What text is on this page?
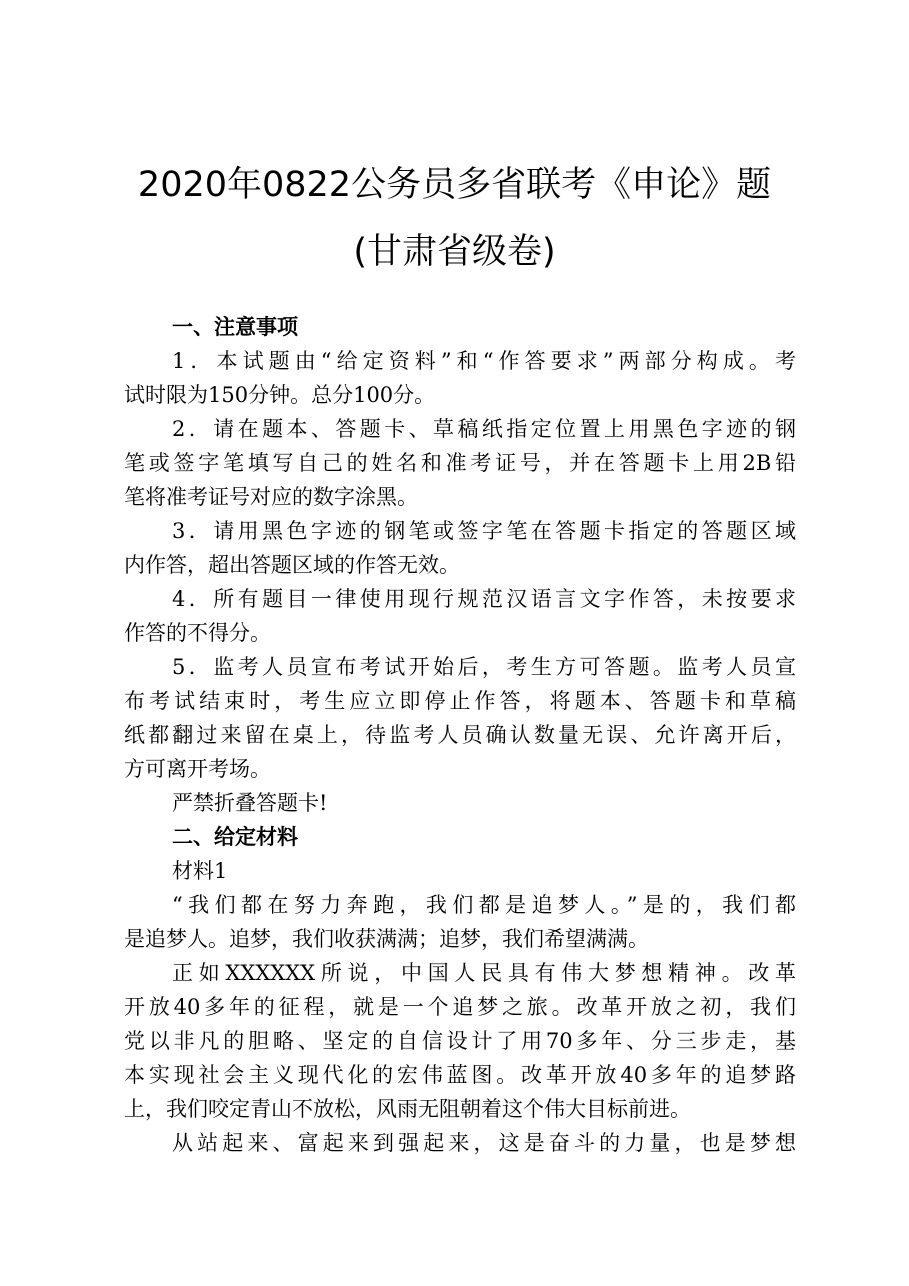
2020年0822公务员多省联考《申论》题
(甘肃省级卷)
一、注意事项
1．本试题由“给定资料”和“作答要求”两部分构成。考
试时限为150分钟。总分100分。
2．请在题本、答题卡、草稿纸指定位置上用黑色字迹的钢
笔或签字笔填写自己的姓名和准考证号，并在答题卡上用2B铅
笔将准考证号对应的数字涂黑。
3．请用黑色字迹的钢笔或签字笔在答题卡指定的答题区域
内作答，超出答题区域的作答无效。
4．所有题目一律使用现行规范汉语言文字作答，未按要求
作答的不得分。
5．监考人员宣布考试开始后，考生方可答题。监考人员宣
布考试结束时，考生应立即停止作答，将题本、答题卡和草稿
纸都翻过来留在桌上，待监考人员确认数量无误、允许离开后，
方可离开考场。
严禁折叠答题卡!
二、给定材料
材料1
“我们都在努力奔跑，我们都是追梦人。”是的，我们都
是追梦人。追梦，我们收获满满；追梦，我们希望满满。
正如XXXXXX所说，中国人民具有伟大梦想精神。改革
开放40多年的征程，就是一个追梦之旅。改革开放之初，我们
党以非凡的胆略、坚定的自信设计了用70多年、分三步走，基
本实现社会主义现代化的宏伟蓝图。改革开放40多年的追梦路
上，我们咬定青山不放松，风雨无阻朝着这个伟大目标前进。
从站起来、富起来到强起来，这是奋斗的力量，也是梦想
